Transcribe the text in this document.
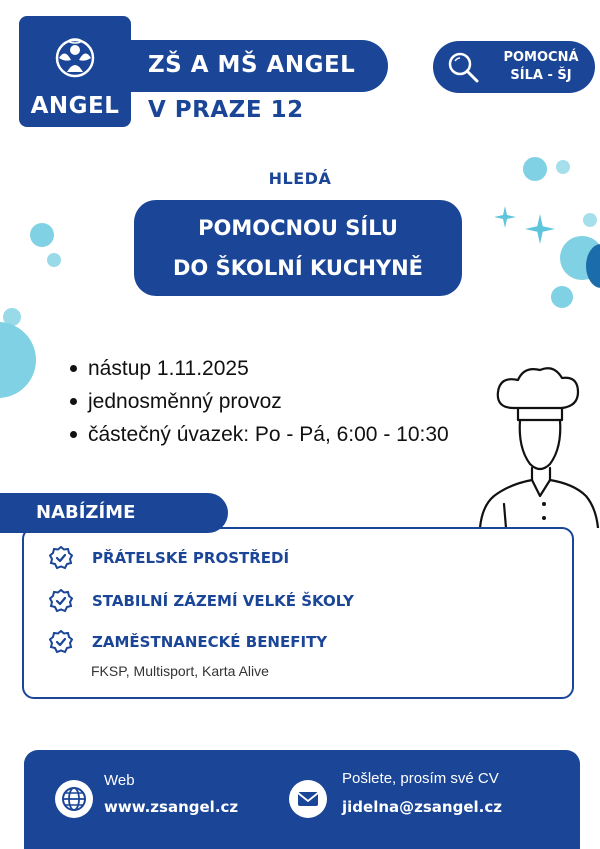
ANGEL
ZŠ A MŠ ANGEL
V PRAZE 12
POMOCNÁ
SÍLA - ŠJ
HLEDÁ
POMOCNOU SÍLU
DO ŠKOLNÍ KUCHYNĚ
nástup 1.11.2025
jednosměnný provoz
částečný úvazek: Po - Pá, 6:00 - 10:30
NABÍZÍME
PŘÁTELSKÉ PROSTŘEDÍ
STABILNÍ ZÁZEMÍ VELKÉ ŠKOLY
ZAMĚSTNANECKÉ BENEFITY
FKSP, Multisport, Karta Alive
Web
www.zsangel.cz
Pošlete, prosím své CV
jidelna@zsangel.cz
